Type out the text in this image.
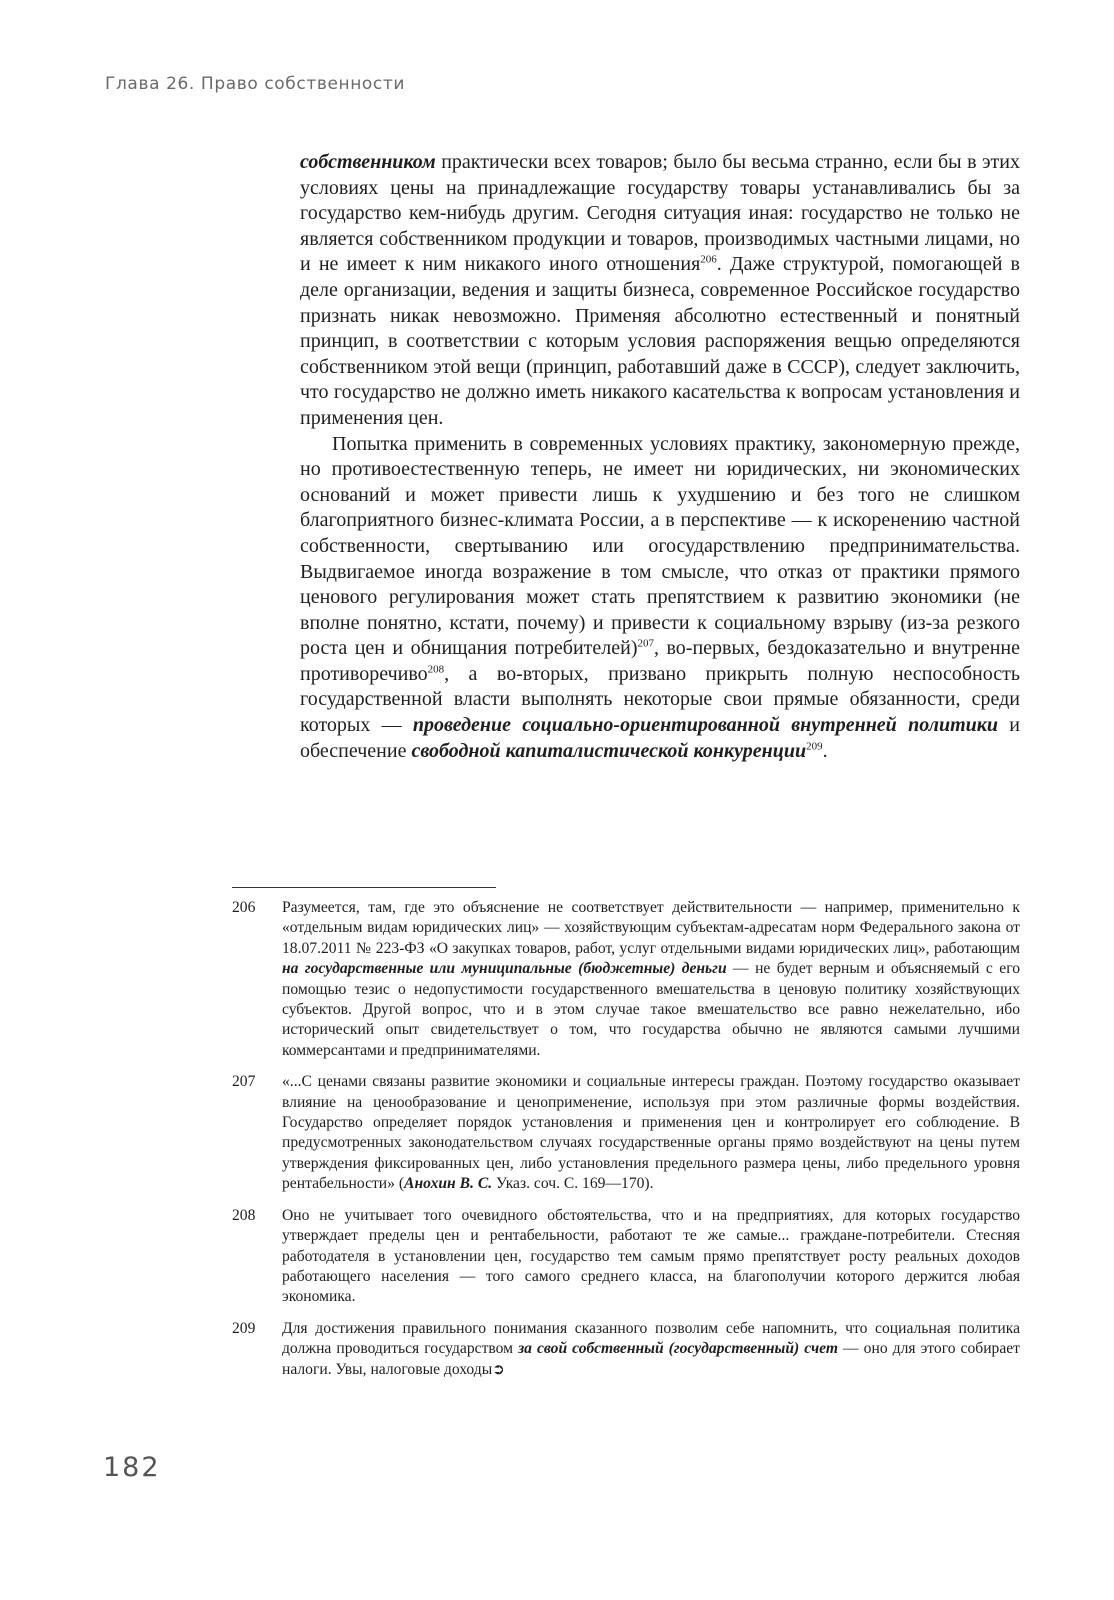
Глава 26. Право собственности

собственником практически всех товаров; было бы весьма странно, если бы в этих условиях цены на принадлежащие государству товары устанавливались бы за государство кем-нибудь другим. Сегодня ситуация иная: государство не только не является собственником продукции и товаров, производимых частными лицами, но и не имеет к ним никакого иного отношения$^{206}$. Даже структурой, помогающей в деле организации, ведения и защиты бизнеса, современное Российское государство признать никак невозможно. Применяя абсолютно естественный и понятный принцип, в соответствии с которым условия распоряжения вещью определяются собственником этой вещи (принцип, работавший даже в СССР), следует заключить, что государство не должно иметь никакого касательства к вопросам установления и применения цен.

Попытка применить в современных условиях практику, закономерную прежде, но противоестественную теперь, не имеет ни юридических, ни экономических оснований и может привести лишь к ухудшению и без того не слишком благоприятного бизнес-климата России, а в перспективе — к искоренению частной собственности, свертыванию или огосударствлению предпринимательства. Выдвигаемое иногда возражение в том смысле, что отказ от практики прямого ценового регулирования может стать препятствием к развитию экономики (не вполне понятно, кстати, почему) и привести к социальному взрыву (из-за резкого роста цен и обнищания потребителей)$^{207}$, во-первых, бездоказательно и внутренне противоречиво$^{208}$, а во-вторых, призвано прикрыть полную неспособность государственной власти выполнять некоторые свои прямые обязанности, среди которых — проведение социально-ориентированной внутренней политики и обеспечение свободной капиталистической конкуренции$^{209}$.

206	Разумеется, там, где это объяснение не соответствует действительности — например, применительно к «отдельным видам юридических лиц» — хозяйствующим субъектам-адресатам норм Федерального закона от 18.07.2011 № 223-ФЗ «О закупках товаров, работ, услуг отдельными видами юридических лиц», работающим на государственные или муниципальные (бюджетные) деньги — не будет верным и объясняемый с его помощью тезис о недопустимости государственного вмешательства в ценовую политику хозяйствующих субъектов. Другой вопрос, что и в этом случае такое вмешательство все равно нежелательно, ибо исторический опыт свидетельствует о том, что государства обычно не являются самыми лучшими коммерсантами и предпринимателями.
207	«...С ценами связаны развитие экономики и социальные интересы граждан. Поэтому государство оказывает влияние на ценообразование и ценоприменение, используя при этом различные формы воздействия. Государство определяет порядок установления и применения цен и контролирует его соблюдение. В предусмотренных законодательством случаях государственные органы прямо воздействуют на цены путем утверждения фиксированных цен, либо установления предельного размера цены, либо предельного уровня рентабельности» (Анохин В. С. Указ. соч. С. 169—170).
208	Оно не учитывает того очевидного обстоятельства, что и на предприятиях, для которых государство утверждает пределы цен и рентабельности, работают те же самые... граждане-потребители. Стесняя работодателя в установлении цен, государство тем самым прямо препятствует росту реальных доходов работающего населения — того самого среднего класса, на благополучии которого держится любая экономика.
209	Для достижения правильного понимания сказанного позволим себе напомнить, что социальная политика должна проводиться государством за свой собственный (государственный) счет — оно для этого собирает налоги. Увы, налоговые доходы➲
182
